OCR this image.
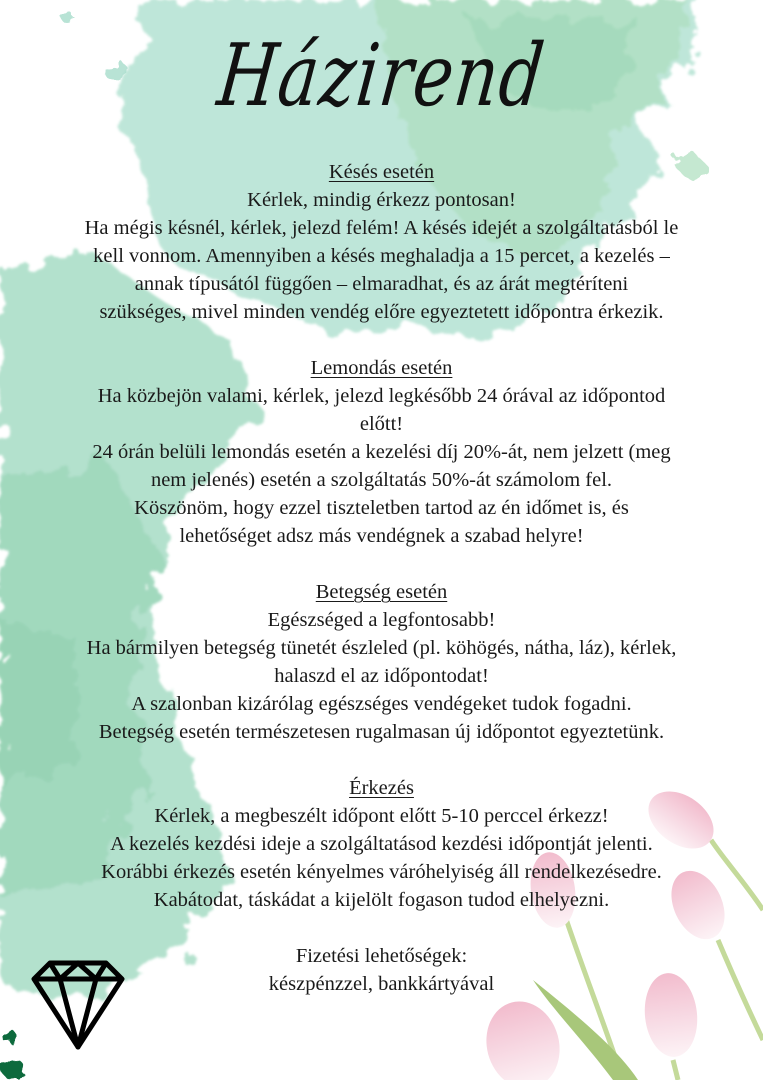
Házirend
Késés esetén
Kérlek, mindig érkezz pontosan!
Ha mégis késnél, kérlek, jelezd felém! A késés idejét a szolgáltatásból le
kell vonnom. Amennyiben a késés meghaladja a 15 percet, a kezelés –
annak típusától függően – elmaradhat, és az árát megtéríteni
szükséges, mivel minden vendég előre egyeztetett időpontra érkezik.
Lemondás esetén
Ha közbejön valami, kérlek, jelezd legkésőbb 24 órával az időpontod
előtt!
24 órán belüli lemondás esetén a kezelési díj 20%-át, nem jelzett (meg
nem jelenés) esetén a szolgáltatás 50%-át számolom fel.
Köszönöm, hogy ezzel tiszteletben tartod az én időmet is, és
lehetőséget adsz más vendégnek a szabad helyre!
Betegség esetén
Egészséged a legfontosabb!
Ha bármilyen betegség tünetét észleled (pl. köhögés, nátha, láz), kérlek,
halaszd el az időpontodat!
A szalonban kizárólag egészséges vendégeket tudok fogadni.
Betegség esetén természetesen rugalmasan új időpontot egyeztetünk.
Érkezés
Kérlek, a megbeszélt időpont előtt 5-10 perccel érkezz!
A kezelés kezdési ideje a szolgáltatásod kezdési időpontját jelenti.
Korábbi érkezés esetén kényelmes váróhelyiség áll rendelkezésedre.
Kabátodat, táskádat a kijelölt fogason tudod elhelyezni.
Fizetési lehetőségek:
készpénzzel, bankkártyával
